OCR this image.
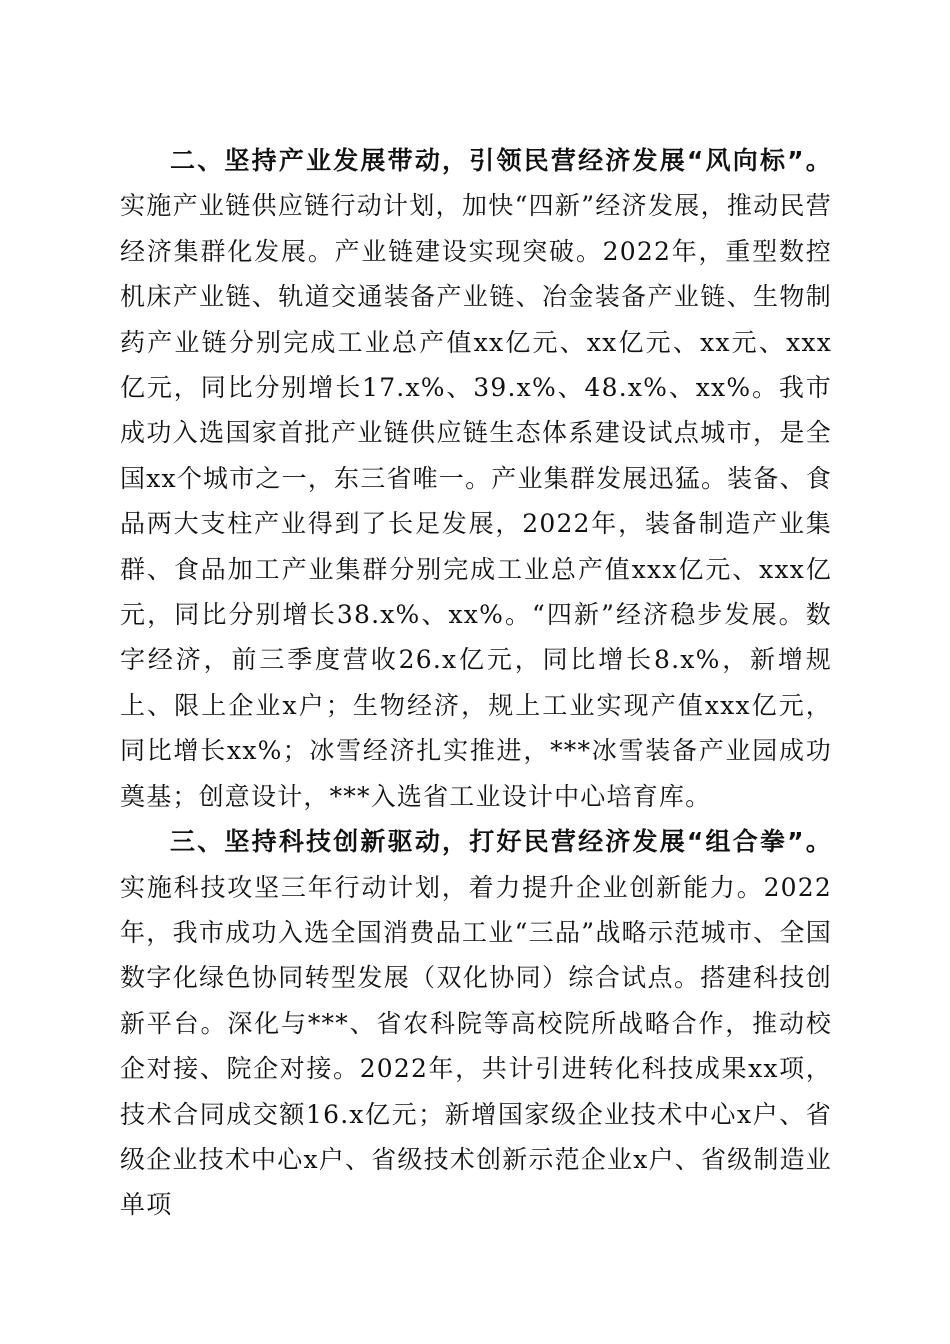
二、坚持产业发展带动，引领民营经济发展“风向标”。实施产业链供应链行动计划，加快“四新”经济发展，推动民营经济集群化发展。产业链建设实现突破。2022年，重型数控机床产业链、轨道交通装备产业链、冶金装备产业链、生物制药产业链分别完成工业总产值xx亿元、xx亿元、xx元、xxx亿元，同比分别增长17.x%、39.x%、48.x%、xx%。我市成功入选国家首批产业链供应链生态体系建设试点城市，是全国xx个城市之一，东三省唯一。产业集群发展迅猛。装备、食品两大支柱产业得到了长足发展，2022年，装备制造产业集群、食品加工产业集群分别完成工业总产值xxx亿元、xxx亿元，同比分别增长38.x%、xx%。“四新”经济稳步发展。数字经济，前三季度营收26.x亿元，同比增长8.x%，新增规上、限上企业x户；生物经济，规上工业实现产值xxx亿元，同比增长xx%；冰雪经济扎实推进，***冰雪装备产业园成功奠基；创意设计，***入选省工业设计中心培育库。

三、坚持科技创新驱动，打好民营经济发展“组合拳”。实施科技攻坚三年行动计划，着力提升企业创新能力。2022年，我市成功入选全国消费品工业“三品”战略示范城市、全国数字化绿色协同转型发展（双化协同）综合试点。搭建科技创新平台。深化与***、省农科院等高校院所战略合作，推动校企对接、院企对接。2022年，共计引进转化科技成果xx项，技术合同成交额16.x亿元；新增国家级企业技术中心x户、省级企业技术中心x户、省级技术创新示范企业x户、省级制造业单项
